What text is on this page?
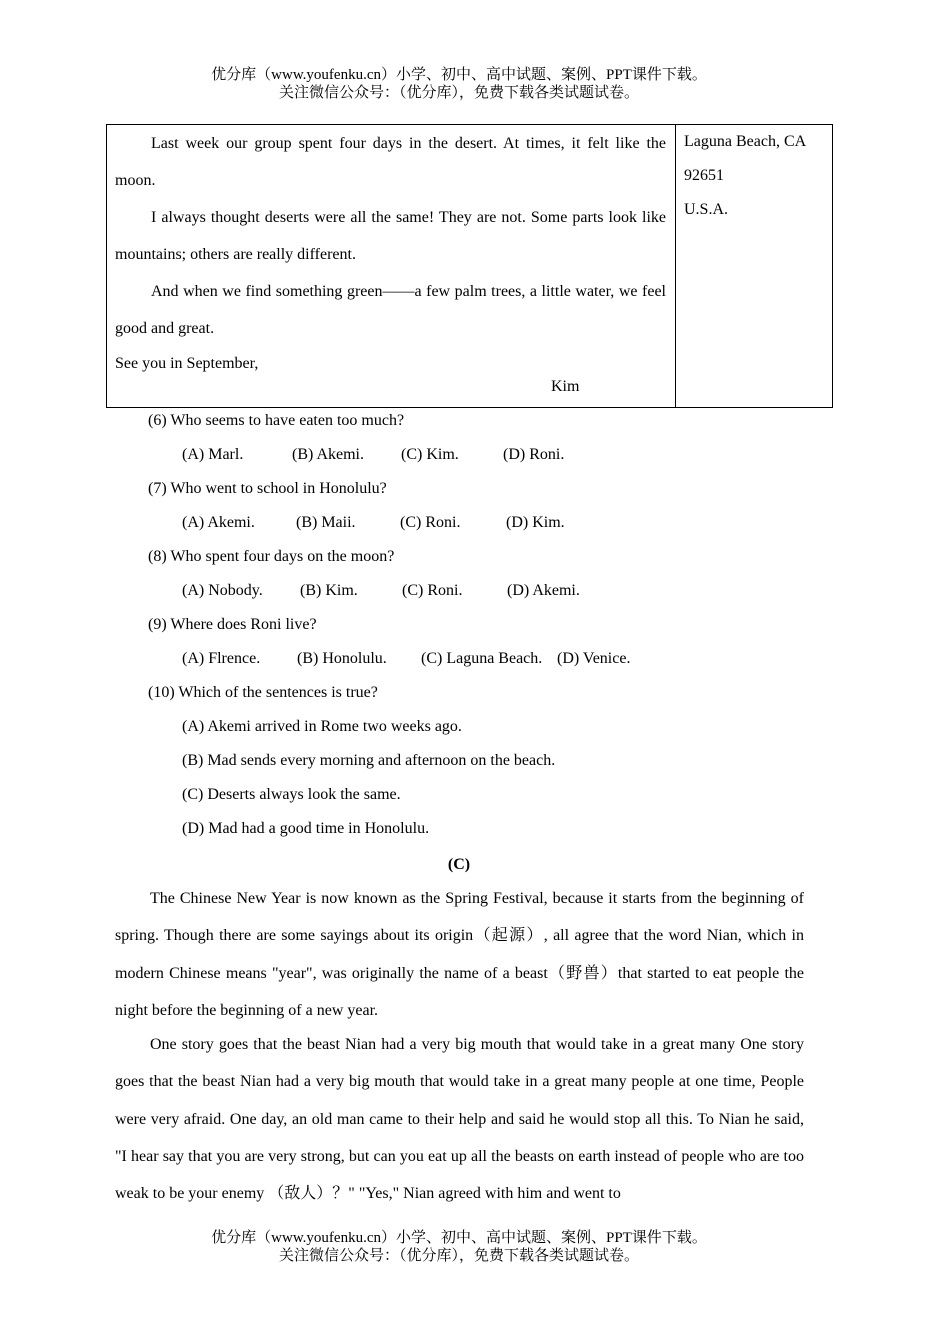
优分库（www.youfenku.cn）小学、初中、高中试题、案例、PPT课件下载。
关注微信公众号：（优分库），免费下载各类试题试卷。

Last week our group spent four days in the desert. At times, it felt like the moon.

I always thought deserts were all the same! They are not. Some parts look like mountains; others are really different.

And when we find something green——a few palm trees, a little water, we feel good and great.

See you in September,

Kim
Laguna Beach, CA
92651
U.S.A.
(6) Who seems to have eaten too much?
(A) Marl.	(B) Akemi. (C) Kim.	(D) Roni.
(7) Who went to school in Honolulu?
(A) Akemi.	(B) Maii.	(C) Roni.	(D) Kim.
(8) Who spent four days on the moon?
(A) Nobody. (B) Kim.	(C) Roni.	(D) Akemi.
(9) Where does Roni live?
(A) Flrence. (B) Honolulu. (C) Laguna Beach. (D) Venice.
(10) Which of the sentences is true?
(A) Akemi arrived in Rome two weeks ago.
(B) Mad sends every morning and afternoon on the beach.
(C) Deserts always look the same.
(D) Mad had a good time in Honolulu.
(C)

The Chinese New Year is now known as the Spring Festival, because it starts from the beginning of spring. Though there are some sayings about its origin（起源）, all agree that the word Nian, which in modern Chinese means "year", was originally the name of a beast（野兽）that started to eat people the night before the beginning of a new year.

One story goes that the beast Nian had a very big mouth that would take in a great many One story goes that the beast Nian had a very big mouth that would take in a great many people at one time, People were very afraid. One day, an old man came to their help and said he would stop all this. To Nian he said, "I hear say that you are very strong, but can you eat up all the beasts on earth instead of people who are too weak to be your enemy （敌人）？" "Yes," Nian agreed with him and went to

优分库（www.youfenku.cn）小学、初中、高中试题、案例、PPT课件下载。
关注微信公众号：（优分库），免费下载各类试题试卷。
